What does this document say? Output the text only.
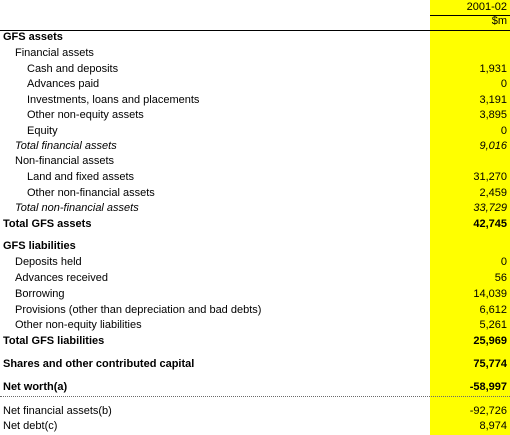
2001-02
$m
GFS assets
Financial assets
Cash and deposits	1,931
Advances paid	0
Investments, loans and placements	3,191
Other non-equity assets	3,895
Equity	0
Total financial assets	9,016
Non-financial assets
Land and fixed assets	31,270
Other non-financial assets	2,459
Total non-financial assets	33,729
Total GFS assets	42,745
GFS liabilities
Deposits held	0
Advances received	56
Borrowing	14,039
Provisions (other than depreciation and bad debts)	6,612
Other non-equity liabilities	5,261
Total GFS liabilities	25,969
Shares and other contributed capital	75,774
Net worth(a)	-58,997
Net financial assets(b)	-92,726
Net debt(c)	8,974
